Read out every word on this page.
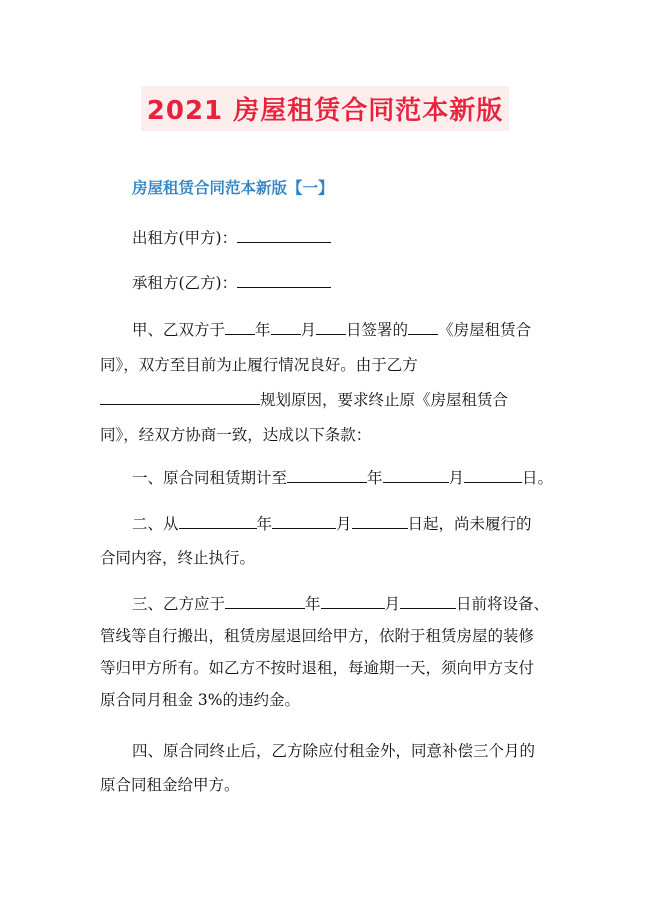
2021 房屋租赁合同范本新版
房屋租赁合同范本新版【一】
出租方(甲方)：
承租方(乙方)：
甲、乙双方于 年 月 日签署的 《房屋租赁合
同》，双方至目前为止履行情况良好。由于乙方
规划原因，要求终止原《房屋租赁合
同》，经双方协商一致，达成以下条款：
一、原合同租赁期计至	年	月	日。
二、从	年	月	日起，尚未履行的
合同内容，终止执行。
三、乙方应于	年	月	日前将设备、
管线等自行搬出，租赁房屋退回给甲方，依附于租赁房屋的装修
等归甲方所有。如乙方不按时退租，每逾期一天，须向甲方支付
原合同月租金 3%的违约金。
四、原合同终止后，乙方除应付租金外，同意补偿三个月的
原合同租金给甲方。
